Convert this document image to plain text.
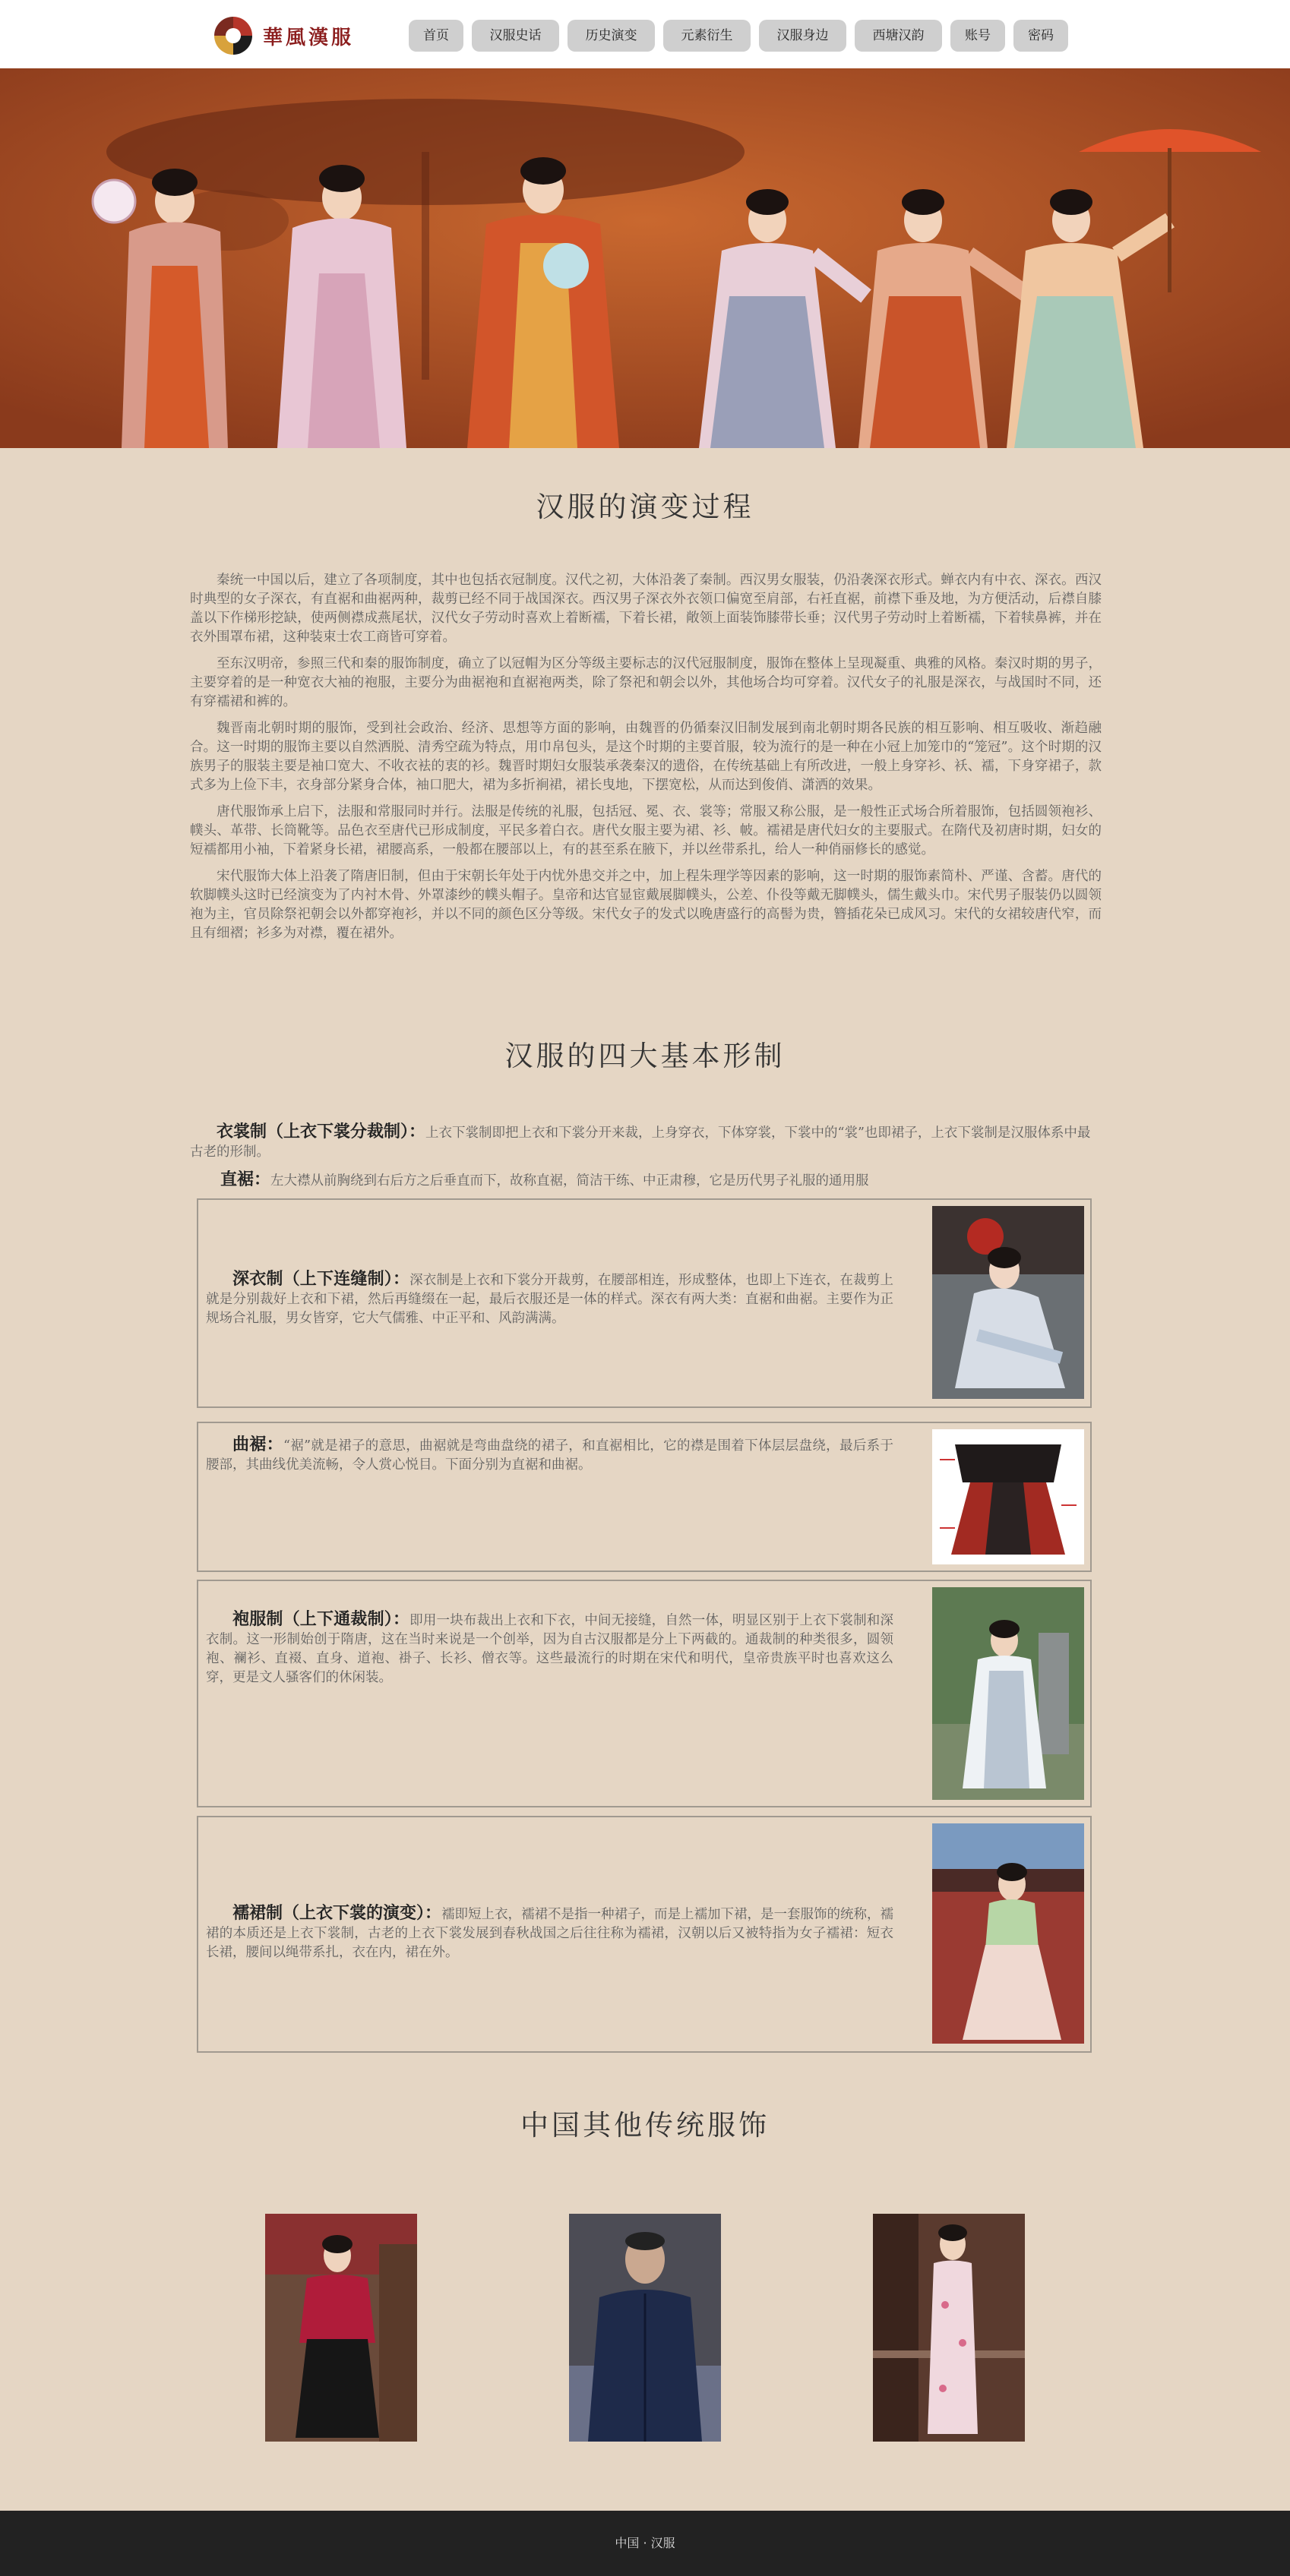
華風漢服	首页	汉服史话	历史演变	元素衍生	汉服身边	西塘汉韵	账号	密码
汉服的演变过程

秦统一中国以后，建立了各项制度，其中也包括衣冠制度。汉代之初，大体沿袭了秦制。西汉男女服装，仍沿袭深衣形式。蝉衣内有中衣、深衣。西汉时典型的女子深衣，有直裾和曲裾两种，裁剪已经不同于战国深衣。西汉男子深衣外衣领口偏宽至肩部，右衽直裾，前襟下垂及地，为方便活动，后襟自膝盖以下作梯形挖缺，使两侧襟成燕尾状，汉代女子劳动时喜欢上着断襦，下着长裙，敞领上面装饰膝带长垂；汉代男子劳动时上着断襦，下着犊鼻裤，并在衣外围罩布裙，这种装束士农工商皆可穿着。

至东汉明帝，参照三代和秦的服饰制度，确立了以冠帽为区分等级主要标志的汉代冠服制度，服饰在整体上呈现凝重、典雅的风格。秦汉时期的男子，主要穿着的是一种宽衣大袖的袍服，主要分为曲裾袍和直裾袍两类，除了祭祀和朝会以外，其他场合均可穿着。汉代女子的礼服是深衣，与战国时不同，还有穿襦裙和裤的。

魏晋南北朝时期的服饰，受到社会政治、经济、思想等方面的影响，由魏晋的仍循秦汉旧制发展到南北朝时期各民族的相互影响、相互吸收、渐趋融合。这一时期的服饰主要以自然洒脱、清秀空疏为特点，用巾帛包头，是这个时期的主要首服，较为流行的是一种在小冠上加笼巾的“笼冠”。这个时期的汉族男子的服装主要是袖口宽大、不收衣袪的衷的衫。魏晋时期妇女服装承袭秦汉的遗俗，在传统基础上有所改进，一般上身穿衫、袄、襦，下身穿裙子，款式多为上俭下丰，衣身部分紧身合体，袖口肥大，裙为多折裥裙，裙长曳地，下摆宽松，从而达到俊俏、潇洒的效果。

唐代服饰承上启下，法服和常服同时并行。法服是传统的礼服，包括冠、冕、衣、裳等；常服又称公服，是一般性正式场合所着服饰，包括圆领袍衫、幞头、革带、长筒靴等。品色衣至唐代已形成制度，平民多着白衣。唐代女服主要为裙、衫、帔。襦裙是唐代妇女的主要服式。在隋代及初唐时期，妇女的短襦都用小袖，下着紧身长裙，裙腰高系，一般都在腰部以上，有的甚至系在腋下，并以丝带系扎，给人一种俏丽修长的感觉。

宋代服饰大体上沿袭了隋唐旧制，但由于宋朝长年处于内忧外患交并之中，加上程朱理学等因素的影响，这一时期的服饰素简朴、严谨、含蓄。唐代的软脚幞头这时已经演变为了内衬木骨、外罩漆纱的幞头帽子。皇帝和达官显宦戴展脚幞头，公差、仆役等戴无脚幞头，儒生戴头巾。宋代男子服装仍以圆领袍为主，官员除祭祀朝会以外都穿袍衫，并以不同的颜色区分等级。宋代女子的发式以晚唐盛行的高髻为贵，簪插花朵已成风习。宋代的女裙较唐代窄，而且有细褶；衫多为对襟，覆在裙外。

汉服的四大基本形制
衣裳制（上衣下裳分裁制）：上衣下裳制即把上衣和下裳分开来裁，上身穿衣，下体穿裳，下裳中的“裳”也即裙子，上衣下裳制是汉服体系中最古老的形制。
直裾：左大襟从前胸绕到右后方之后垂直而下，故称直裾，简洁干练、中正肃穆，它是历代男子礼服的通用服
深衣制（上下连缝制）：深衣制是上衣和下裳分开裁剪，在腰部相连，形成整体，也即上下连衣，在裁剪上就是分别裁好上衣和下裙，然后再缝缀在一起，最后衣服还是一体的样式。深衣有两大类：直裾和曲裾。主要作为正规场合礼服，男女皆穿，它大气儒雅、中正平和、风韵满满。
曲裾：“裾”就是裙子的意思，曲裾就是弯曲盘绕的裙子，和直裾相比，它的襟是围着下体层层盘绕，最后系于腰部，其曲线优美流畅，令人赏心悦目。下面分别为直裾和曲裾。
袍服制（上下通裁制）：即用一块布裁出上衣和下衣，中间无接缝，自然一体，明显区别于上衣下裳制和深衣制。这一形制始创于隋唐，这在当时来说是一个创举，因为自古汉服都是分上下两截的。通裁制的种类很多，圆领袍、襕衫、直裰、直身、道袍、褂子、长衫、僧衣等。这些最流行的时期在宋代和明代，皇帝贵族平时也喜欢这么穿，更是文人骚客们的休闲装。
襦裙制（上衣下裳的演变）：襦即短上衣，襦裙不是指一种裙子，而是上襦加下裙，是一套服饰的统称，襦裙的本质还是上衣下裳制，古老的上衣下裳发展到春秋战国之后往往称为襦裙，汉朝以后又被特指为女子襦裙：短衣长裙，腰间以绳带系扎，衣在内，裙在外。
中国其他传统服饰
中国 · 汉服
